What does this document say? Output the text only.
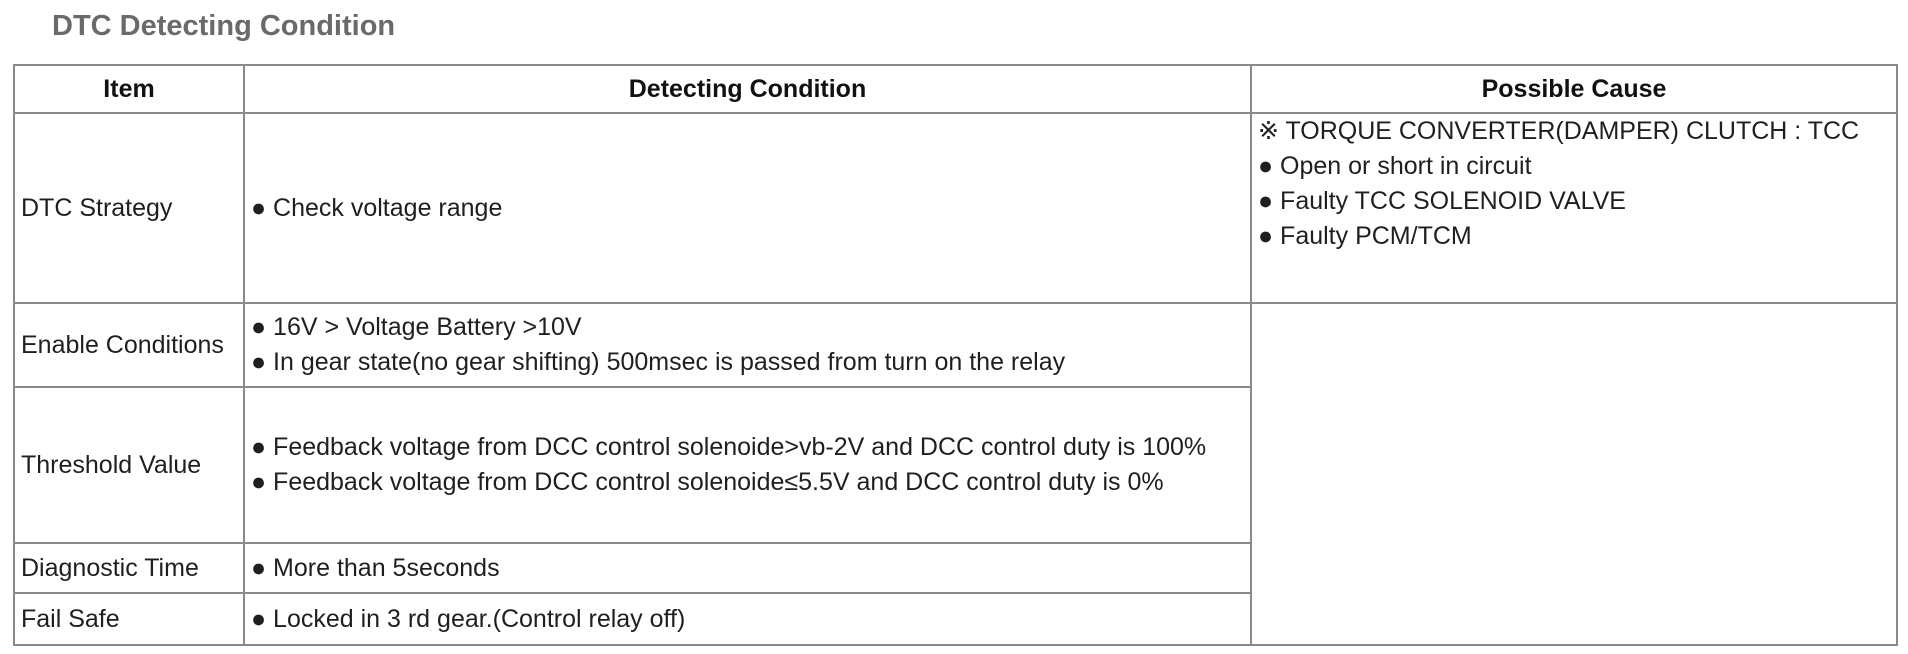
DTC Detecting Condition
Item	Detecting Condition	Possible Cause
DTC Strategy	● Check voltage range	※ TORQUE CONVERTER(DAMPER) CLUTCH : TCC
● Open or short in circuit
● Faulty TCC SOLENOID VALVE
● Faulty PCM/TCM

Enable Conditions	● 16V > Voltage Battery >10V
● In gear state(no gear shifting) 500msec is passed from turn on the relay	

Threshold Value	● Feedback voltage from DCC control solenoide>vb-2V and DCC control duty is 100%
● Feedback voltage from DCC control solenoide≤5.5V and DCC control duty is 0%	

Diagnostic Time	● More than 5seconds	

Fail Safe	● Locked in 3 rd gear.(Control relay off)	
